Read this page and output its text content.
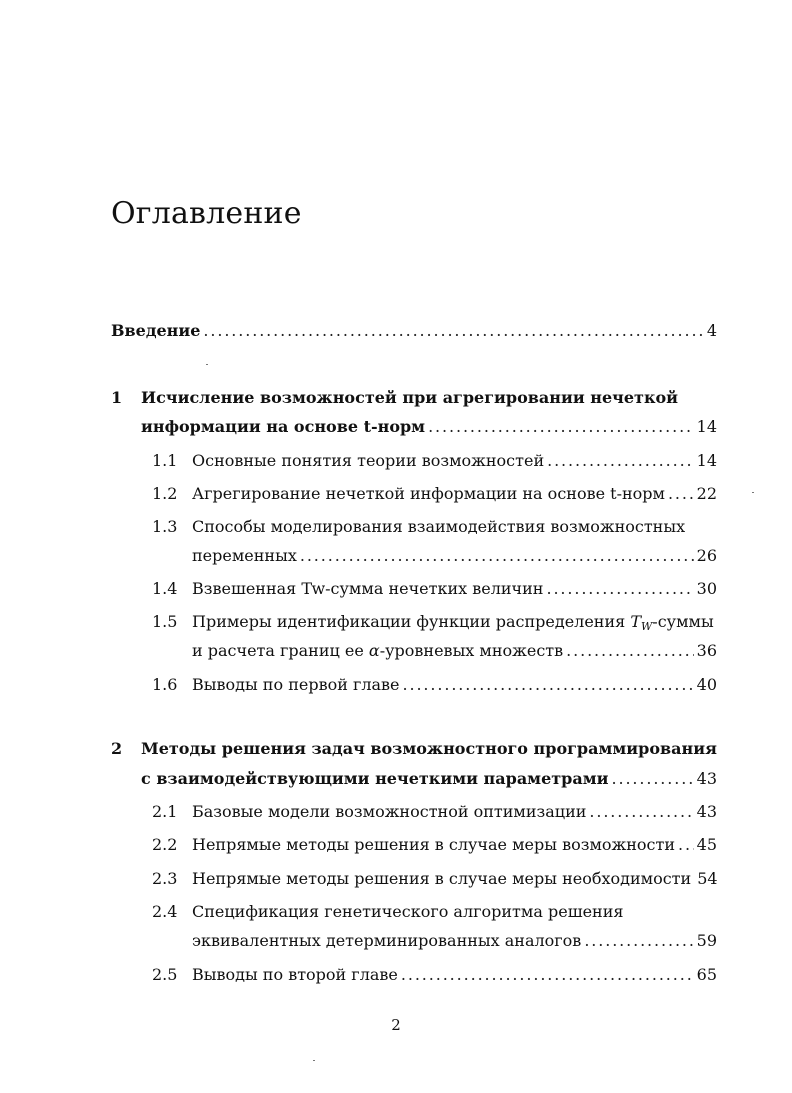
Оглавление
Введение . . .	4
1 Исчисление возможностей при агрегировании нечеткой
информации на основе t-норм . . .	14
1.1 Основные понятия теории возможностей . . .	14
1.2 Агрегирование нечеткой информации на основе t-норм . . . 22
1.3 Способы моделирования взаимодействия возможностных
переменных . . .	26
1.4 Взвешенная Tw-сумма нечетких величин . . .	30
1.5 Примеры идентификации функции распределения $T_W$-суммы
и расчета границ ее α-уровневых множеств . . .	36
1.6 Выводы по первой главе . . .	40
2 Методы решения задач возможностного программирования
с взаимодействующими нечеткими параметрами . . .	43
2.1 Базовые модели возможностной оптимизации . . .	43
2.2 Непрямые методы решения в случае меры возможности . . . 45
2.3 Непрямые методы решения в случае меры необходимости 54
2.4 Спецификация генетического алгоритма решения
эквивалентных детерминированных аналогов . . .	59
2.5 Выводы по второй главе . . .	65
2
